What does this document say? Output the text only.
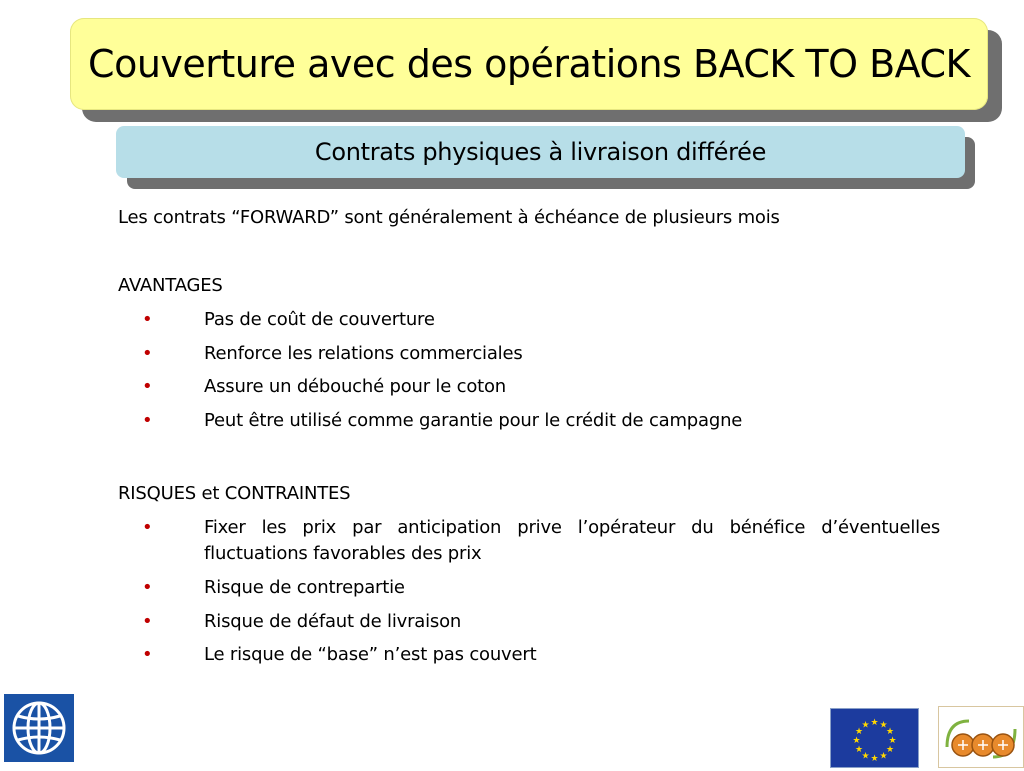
Couverture avec des opérations BACK TO BACK
Contrats physiques à livraison différée

Les contrats “FORWARD” sont généralement à échéance de plusieurs mois

AVANTAGES

•	Pas de coût de couverture
•	Renforce les relations commerciales
•	Assure un débouché pour le coton
•	Peut être utilisé comme garantie pour le crédit de campagne

RISQUES et CONTRAINTES

•	Fixer les prix par anticipation prive l’opérateur du bénéfice d’éventuelles fluctuations favorables des prix
•	Risque de contrepartie
•	Risque de défaut de livraison
•	Le risque de “base” n’est pas couvert
★ ★
★
★
★
★
★
★
★
★
★
★
